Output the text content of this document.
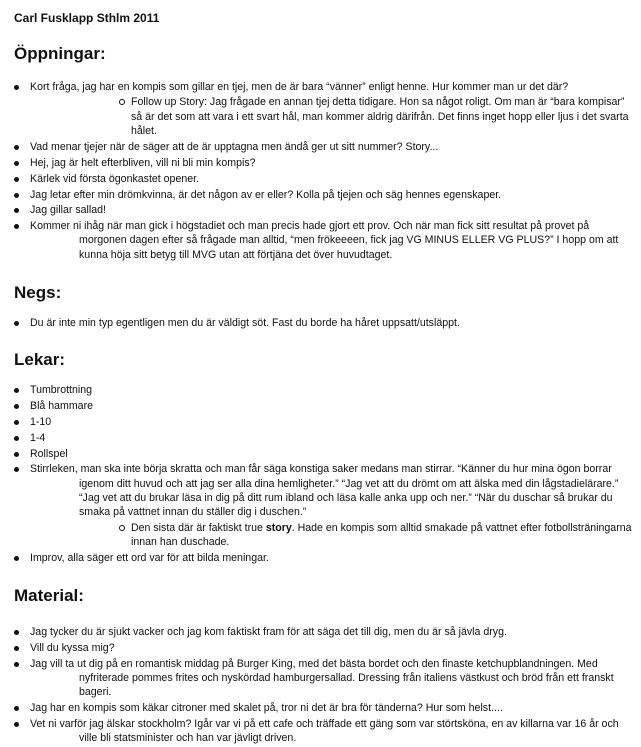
Carl Fusklapp Sthlm 2011
Öppningar:
Kort fråga, jag har en kompis som gillar en tjej, men de är bara “vänner” enligt henne. Hur kommer man ur det där?
Follow up Story: Jag frågade en annan tjej detta tidigare. Hon sa något roligt. Om man är “bara kompisar” så är det som att vara i ett svart hål, man kommer aldrig därifrån. Det finns inget hopp eller ljus i det svarta hålet.
Vad menar tjejer när de säger att de är upptagna men ändå ger ut sitt nummer? Story...
Hej, jag är helt efterbliven, vill ni bli min kompis?
Kärlek vid första ögonkastet opener.
Jag letar efter min drömkvinna, är det någon av er eller? Kolla på tjejen och säg hennes egenskaper.
Jag gillar sallad!
Kommer ni ihåg när man gick i högstadiet och man precis hade gjort ett prov. Och när man fick sitt resultat på provet på morgonen dagen efter så frågade man alltid, “men frökeeeen, fick jag VG MINUS ELLER VG PLUS?” I hopp om att kunna höja sitt betyg till MVG utan att förtjäna det över huvudtaget.
Negs:
Du är inte min typ egentligen men du är väldigt söt. Fast du borde ha håret uppsatt/utsläppt.
Lekar:
Tumbrottning
Blå hammare
1-10
1-4
Rollspel
Stirrleken, man ska inte börja skratta och man får säga konstiga saker medans man stirrar. “Känner du hur mina ögon borrar igenom ditt huvud och att jag ser alla dina hemligheter.” “Jag vet att du drömt om att älska med din lågstadielärare.” “Jag vet att du brukar läsa in dig på ditt rum ibland och läsa kalle anka upp och ner.” “När du duschar så brukar du smaka på vattnet innan du ställer dig i duschen.”
Den sista där är faktiskt true story. Hade en kompis som alltid smakade på vattnet efter fotbollsträningarna innan han duschade.
Improv, alla säger ett ord var för att bilda meningar.
Material:
Jag tycker du är sjukt vacker och jag kom faktiskt fram för att säga det till dig, men du är så jävla dryg.
Vill du kyssa mig?
Jag vill ta ut dig på en romantisk middag på Burger King, med det bästa bordet och den finaste ketchupblandningen. Med nyfriterade pommes frites och nyskördad hamburgersallad. Dressing från italiens västkust och bröd från ett franskt bageri.
Jag har en kompis som käkar citroner med skalet på, tror ni det är bra för tänderna? Hur som helst....
Vet ni varför jag älskar stockholm? Igår var vi på ett cafe och träffade ett gäng som var störtsköna, en av killarna var 16 år och ville bli statsminister och han var jävligt driven.
